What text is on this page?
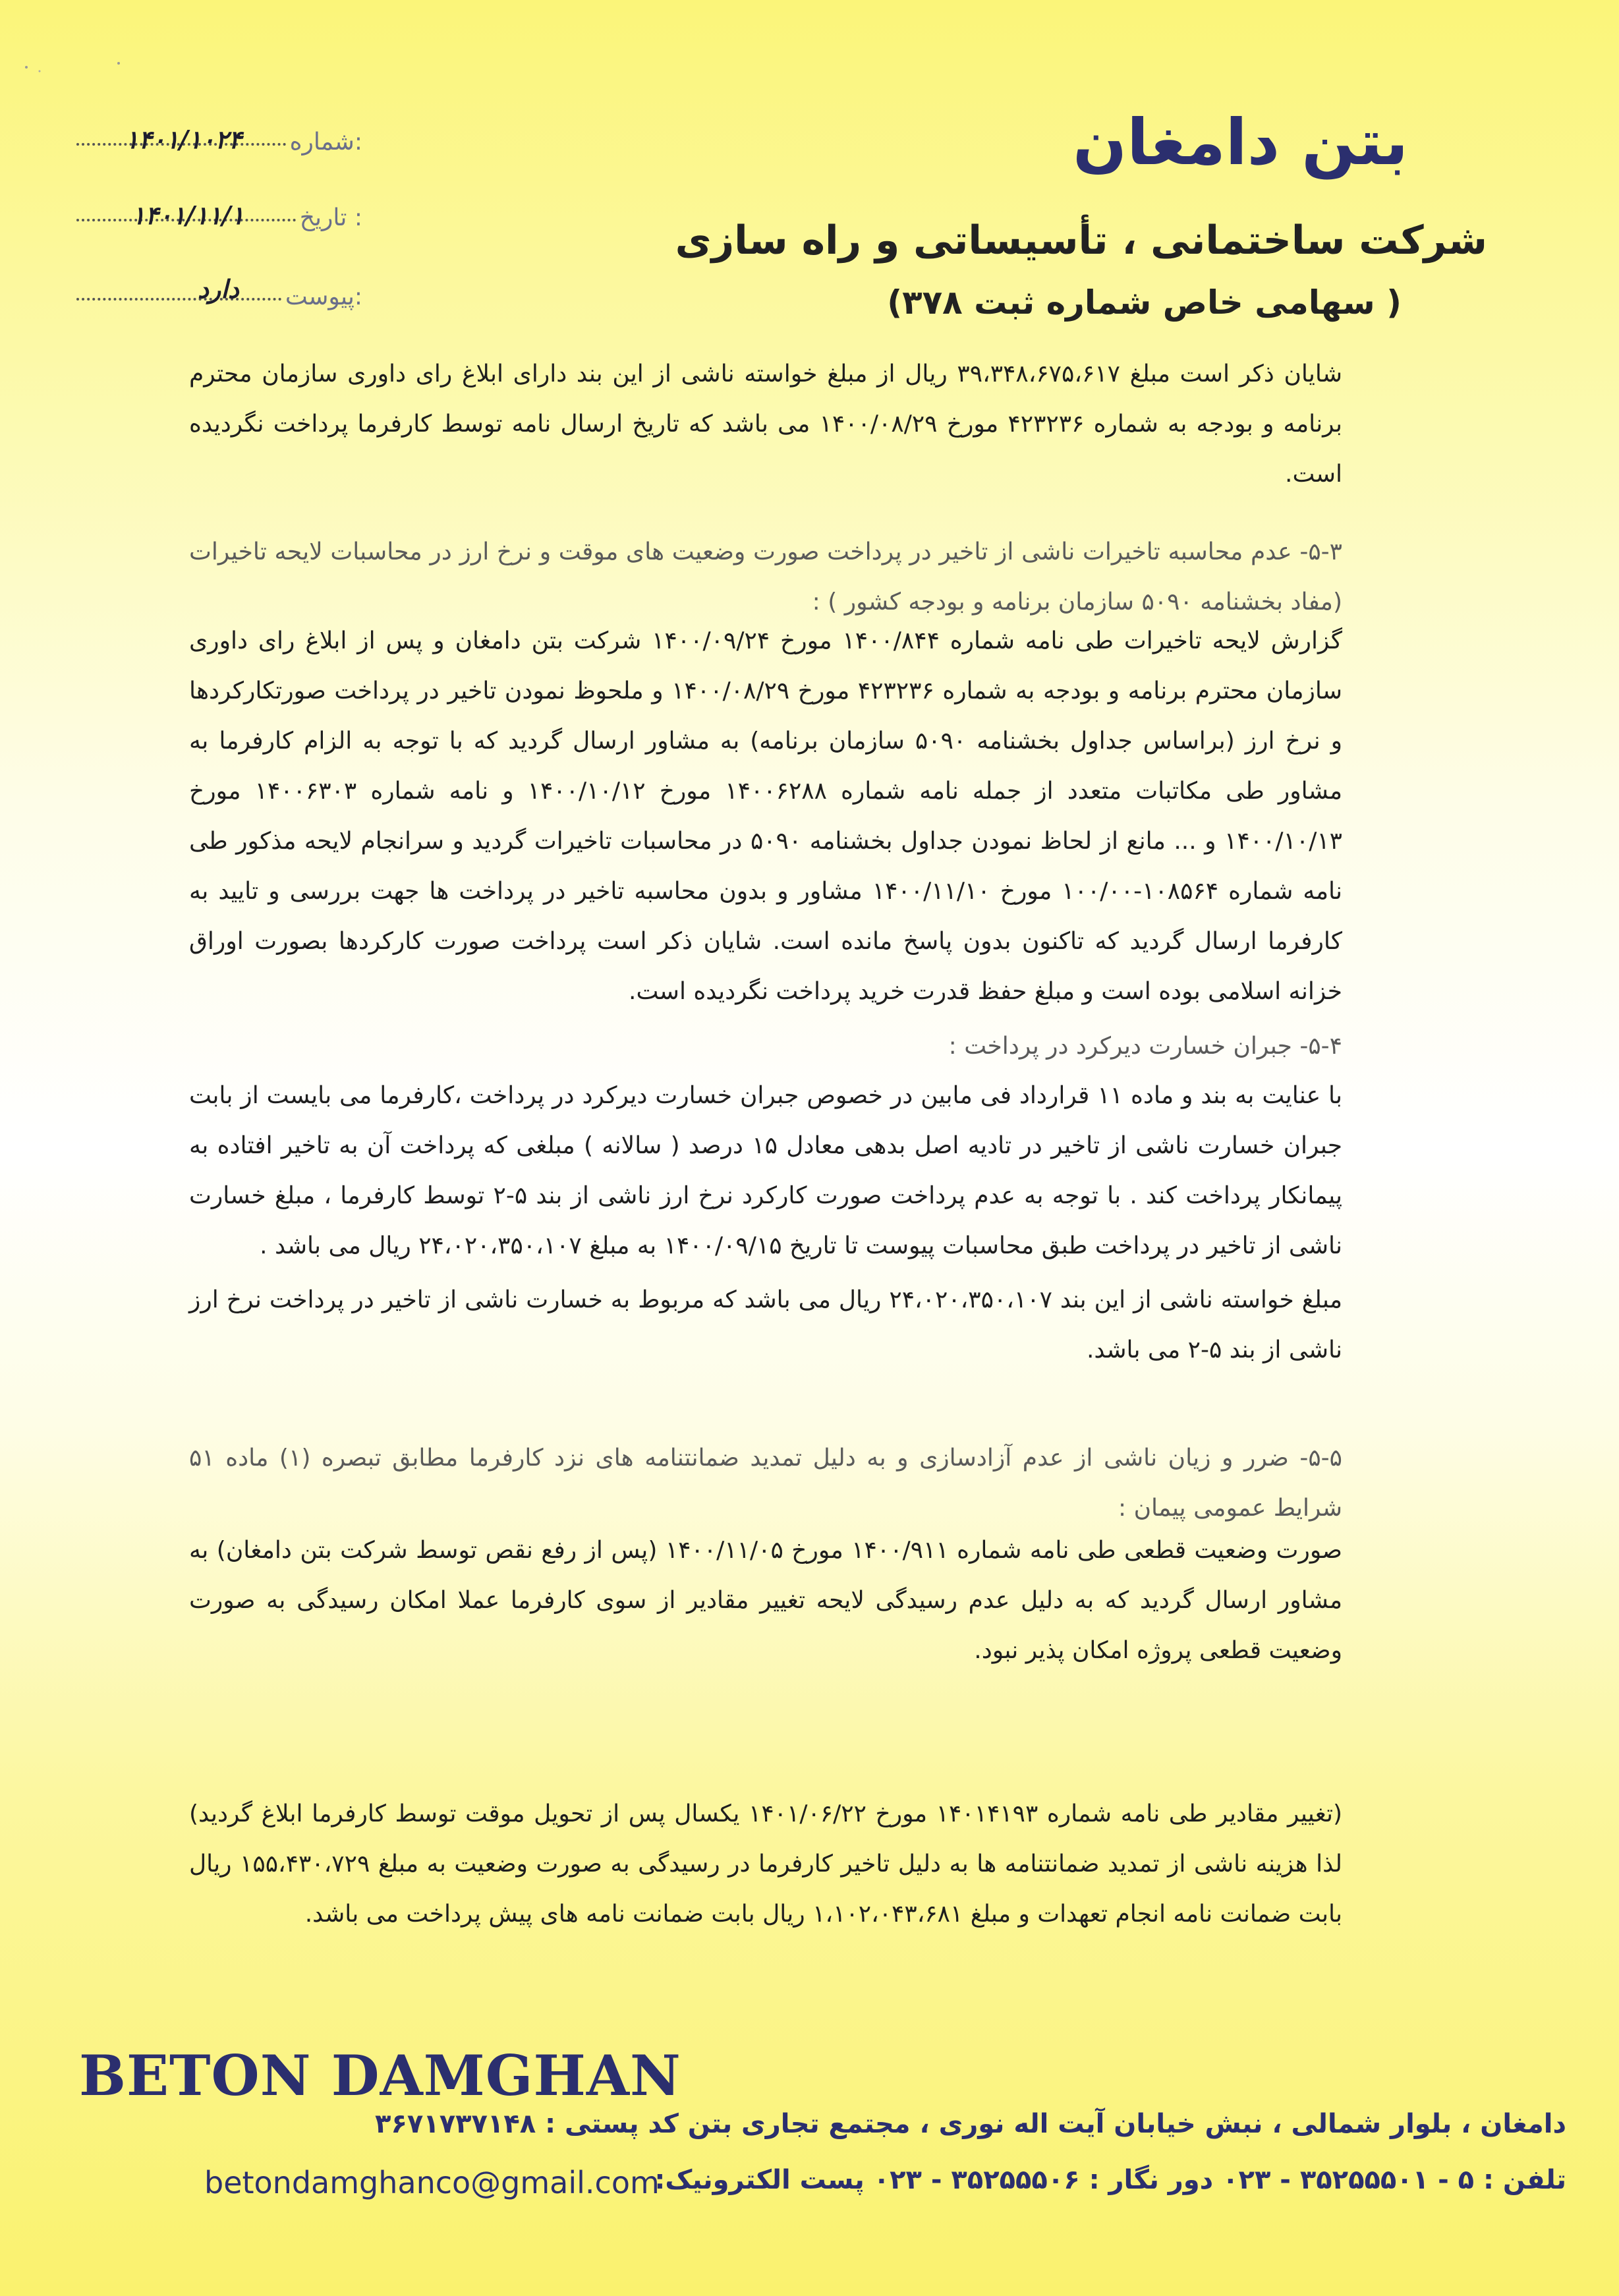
بتن دامغان
شرکت ساختمانی ، تأسیساتی و راه سازی
( سهامی خاص شماره ثبت ۳۷۸)
شماره:
۱۴۰۱/۱۰۲۴
تاریخ :
۱۴۰۱/۱۱/۱
پیوست:
دارد
شایان ذکر است مبلغ ۳۹،۳۴۸،۶۷۵،۶۱۷ ریال از مبلغ خواسته ناشی از این بند دارای ابلاغ رای داوری سازمان محترم برنامه و بودجه به شماره ۴۲۳۲۳۶ مورخ ۱۴۰۰/۰۸/۲۹ می باشد که تاریخ ارسال نامه توسط کارفرما پرداخت نگردیده است.
۵-۳- عدم محاسبه تاخیرات ناشی از تاخیر در پرداخت صورت وضعیت های موقت و نرخ ارز در محاسبات لایحه تاخیرات (مفاد بخشنامه ۵۰۹۰ سازمان برنامه و بودجه کشور ) :
گزارش لایحه تاخیرات طی نامه شماره ۱۴۰۰/۸۴۴ مورخ ۱۴۰۰/۰۹/۲۴ شرکت بتن دامغان و پس از ابلاغ رای داوری سازمان محترم برنامه و بودجه به شماره ۴۲۳۲۳۶ مورخ ۱۴۰۰/۰۸/۲۹ و ملحوظ نمودن تاخیر در پرداخت صورتکارکردها و نرخ ارز (براساس جداول بخشنامه ۵۰۹۰ سازمان برنامه) به مشاور ارسال گردید که با توجه به الزام کارفرما به مشاور طی مکاتبات متعدد از جمله نامه شماره ۱۴۰۰۶۲۸۸ مورخ ۱۴۰۰/۱۰/۱۲ و نامه شماره ۱۴۰۰۶۳۰۳ مورخ ۱۴۰۰/۱۰/۱۳ و ... مانع از لحاظ نمودن جداول بخشنامه ۵۰۹۰ در محاسبات تاخیرات گردید و سرانجام لایحه مذکور طی نامه شماره ۱۰۸۵۶۴-۱۰۰/۰۰ مورخ ۱۴۰۰/۱۱/۱۰ مشاور و بدون محاسبه تاخیر در پرداخت ها جهت بررسی و تایید به کارفرما ارسال گردید که تاکنون بدون پاسخ مانده است. شایان ذکر است پرداخت صورت کارکردها بصورت اوراق خزانه اسلامی بوده است و مبلغ حفظ قدرت خرید پرداخت نگردیده است.
۵-۴- جبران خسارت دیرکرد در پرداخت :
با عنایت به بند و ماده ۱۱ قرارداد فی مابین در خصوص جبران خسارت دیرکرد در پرداخت ،کارفرما می بایست از بابت جبران خسارت ناشی از تاخیر در تادیه اصل بدهی معادل ۱۵ درصد ( سالانه ) مبلغی که پرداخت آن به تاخیر افتاده به پیمانکار پرداخت کند . با توجه به عدم پرداخت صورت کارکرد نرخ ارز ناشی از بند ۵-۲ توسط کارفرما ، مبلغ خسارت ناشی از تاخیر در پرداخت طبق محاسبات پیوست تا تاریخ ۱۴۰۰/۰۹/۱۵ به مبلغ ۲۴،۰۲۰،۳۵۰،۱۰۷ ریال می باشد .
مبلغ خواسته ناشی از این بند ۲۴،۰۲۰،۳۵۰،۱۰۷ ریال می باشد که مربوط به خسارت ناشی از تاخیر در پرداخت نرخ ارز ناشی از بند ۵-۲ می باشد.
۵-۵- ضرر و زیان ناشی از عدم آزادسازی و به دلیل تمدید ضمانتنامه های نزد کارفرما مطابق تبصره (۱) ماده ۵۱ شرایط عمومی پیمان :
صورت وضعیت قطعی طی نامه شماره ۱۴۰۰/۹۱۱ مورخ ۱۴۰۰/۱۱/۰۵ (پس از رفع نقص توسط شرکت بتن دامغان) به مشاور ارسال گردید که به دلیل عدم رسیدگی لایحه تغییر مقادیر از سوی کارفرما عملا امکان رسیدگی به صورت وضعیت قطعی پروژه امکان پذیر نبود.
(تغییر مقادیر طی نامه شماره ۱۴۰۱۴۱۹۳ مورخ ۱۴۰۱/۰۶/۲۲ یکسال پس از تحویل موقت توسط کارفرما ابلاغ گردید) لذا هزینه ناشی از تمدید ضمانتنامه ها به دلیل تاخیر کارفرما در رسیدگی به صورت وضعیت به مبلغ ۱۵۵،۴۳۰،۷۲۹ ریال بابت ضمانت نامه انجام تعهدات و مبلغ ۱،۱۰۲،۰۴۳،۶۸۱ ریال بابت ضمانت نامه های پیش پرداخت می باشد.
BETON DAMGHAN
دامغان ، بلوار شمالی ، نبش خیابان آیت اله نوری ، مجتمع تجاری بتن کد پستی : ۳۶۷۱۷۳۷۱۴۸
تلفن : ۵ - ۳۵۲۵۵۵۰۱ - ۰۲۳ دور نگار : ۳۵۲۵۵۵۰۶ - ۰۲۳ پست الکترونیک:
betondamghanco@gmail.com
